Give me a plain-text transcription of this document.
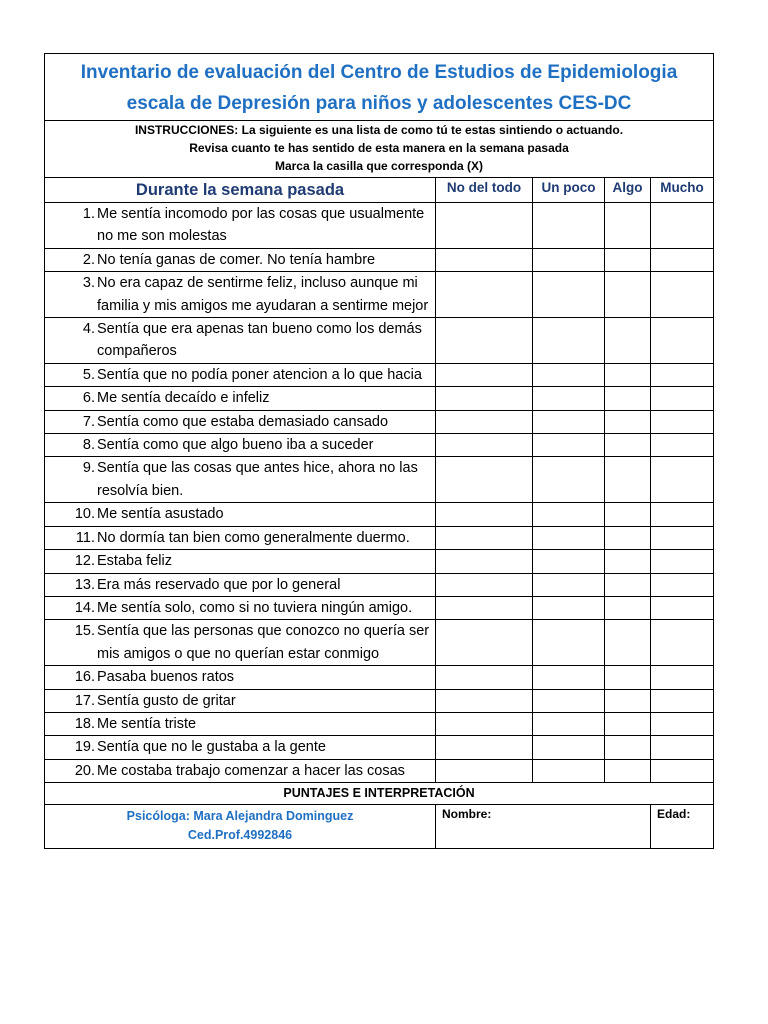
Inventario de evaluación del Centro de Estudios de Epidemiologia
escala de Depresión para niños y adolescentes CES-DC				

INSTRUCCIONES: La siguiente es una lista de como tú te estas sintiendo o actuando.
Revisa cuanto te has sentido de esta manera en la semana pasada
Marca la casilla que corresponda (X)				

Durante la semana pasada	No del todo	Un poco	Algo	Mucho

1. Me sentía incomodo por las cosas que usualmente no me son molestas				

2. No tenía ganas de comer. No tenía hambre				

3. No era capaz de sentirme feliz, incluso aunque mi familia y mis amigos me ayudaran a sentirme mejor				

4. Sentía que era apenas tan bueno como los demás compañeros				

5. Sentía que no podía poner atencion a lo que hacia				

6. Me sentía decaído e infeliz				

7. Sentía como que estaba demasiado cansado				

8. Sentía como que algo bueno iba a suceder				

9. Sentía que las cosas que antes hice, ahora no las resolvía bien.				

10. Me sentía asustado				

11. No dormía tan bien como generalmente duermo.				

12. Estaba feliz				

13. Era más reservado que por lo general				

14. Me sentía solo, como si no tuviera ningún amigo.				

15. Sentía que las personas que conozco no quería ser mis amigos o que no querían estar conmigo				

16. Pasaba buenos ratos				

17. Sentía gusto de gritar				

18. Me sentía triste				

19. Sentía que no le gustaba a la gente				

20. Me costaba trabajo comenzar a hacer las cosas				

PUNTAJES E INTERPRETACIÓN				

Psicóloga: Mara Alejandra Dominguez
Ced.Prof.4992846	Nombre:			Edad:
